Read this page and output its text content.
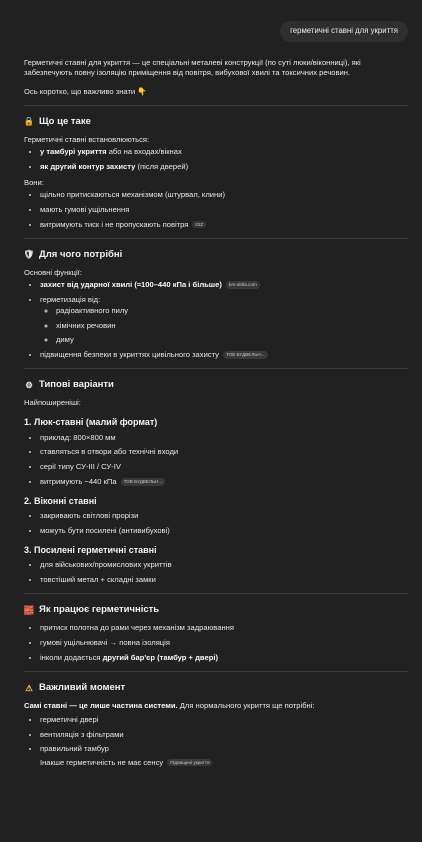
герметичні ставні для укриття

Герметичні ставні для укриття — це спеціальні металеві конструкції (по суті люки/віконниці), які забезпечують повну ізоляцію приміщення від повітря, вибухової хвилі та токсичних речовин.

Ось коротко, що важливо знати 👇

🔒 Що це таке

Герметичні ставні встановлюються:

• у тамбурі укриття або на входах/вікнах
• як другий контур захисту (після дверей)

Вони:

• щільно притискаються механізмом (штурвал, клини)
• мають гумові ущільнення
• витримують тиск і не пропускають повітря GIZ
🛡 Для чого потрібні

Основні функції:

• захист від ударної хвилі (≈100–440 кПа і більше) brs-delta.com
• герметизація від:
◦ радіоактивного пилу
◦ хімічних речовин
◦ диму
• підвищення безпеки в укриттях цивільного захисту ТОВ БУДВЕЛЬН...
⚙ Типові варіанти

Найпоширеніші:

1. Люк-ставні (малий формат)
• приклад: 800×800 мм
• ставляться в отвори або технічні входи
• серії типу СУ-III / СУ-IV
• витримують ~440 кПа ТОВ БУДВЕЛЬН...
2. Віконні ставні
• закривають світлові прорізи
• можуть бути посилені (антивибухові)
3. Посилені герметичні ставні
• для військових/промислових укриттів
• товстіший метал + складні замки
🧱 Як працює герметичність
• притиск полотна до рами через механізм задраювання
• гумові ущільнювачі → повна ізоляція
• інколи додається другий бар'єр (тамбур + двері)
⚠ Важливий момент

Самі ставні — це лише частина системи. Для нормального укриття ще потрібні:

• герметичні двері
• вентиляція з фільтрами
• правильний тамбур

Інакше герметичність не має сенсу Підвищені укриття
